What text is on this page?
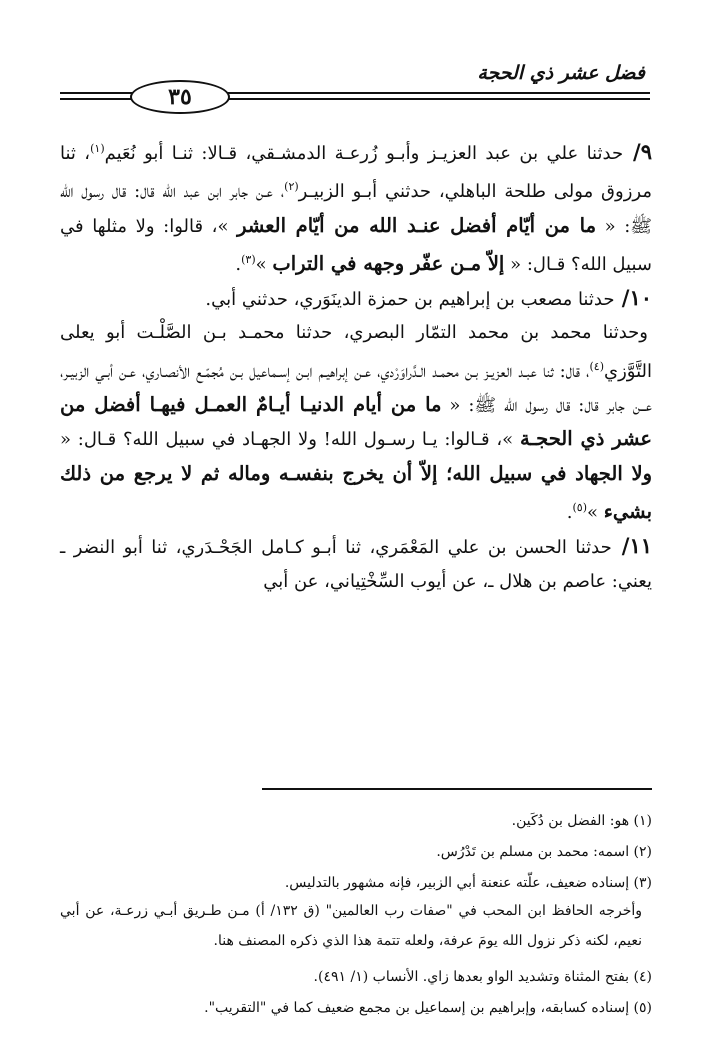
٣٥
فضل عشر ذي الحجة

٩/ حدثنا علي بن عبد العزيـز وأبـو زُرعـة الدمشـقي، قـالا: ثنـا أبو نُعَيم$^{(١)}$، ثنا مرزوق مولى طلحة الباهلي، حدثني أبـو الزبيـر$^{(٢)}$، عـن جابر ابن عبد الله قال: قال رسول الله ﷺ: « ما من أيّام أفضل عنـد الله من أيّام العشر »، قالوا: ولا مثلها في سبيل الله؟ قـال: « إلاّ مـن عفّر وجهه في التراب »$^{(٣)}$.

١٠/ حدثنا مصعب بن إبراهيم بن حمزة الدينَوَري، حدثني أبي.

وحدثنا محمد بن محمد التمّار البصري، حدثنا محمـد بـن الصَّلْـت أبو يعلى التَّوَّزي$^{(٤)}$، قال: ثنا عبـد العزيـز بـن محمـد الـدَّراوَرْدي، عـن إبراهيـم ابـن إسـماعيل بـن مُجمّـع الأنصـاري، عـن أبـي الزبيـر، عــن جابر قال: قال رسول الله ﷺ: « ما من أيام الدنيـا أيـامٌ العمـل فيهـا أفضل من عشر ذي الحجـة »، قـالوا: يـا رسـول الله! ولا الجهـاد في سبيل الله؟ قـال: « ولا الجهاد في سبيل الله؛ إلاّ أن يخرج بنفسـه وماله ثم لا يرجع من ذلك بشيء »$^{(٥)}$.

١١/ حدثنا الحسن بن علي المَعْمَري، ثنا أبـو كـامل الجَحْـدَري، ثنا أبو النضر ـ يعني: عاصم بن هلال ـ، عن أيوب السِّخْتِياني، عن أبي

(١) هو: الفضل بن دُكَين.

(٢) اسمه: محمد بن مسلم بن تَدْرُس.

(٣) إسناده ضعيف، علّته عنعنة أبي الزبير، فإنه مشهور بالتدليس.

وأخرجه الحافظ ابن المحب في "صفات رب العالمين" (ق ١٣٢/ أ) مـن طـريق أبـي زرعـة، عن أبي نعيم، لكنه ذكر نزول الله يومَ عرفة، ولعله تتمة هذا الذي ذكره المصنف هنا.

(٤) بفتح المثناة وتشديد الواو بعدها زاي. الأنساب (١/ ٤٩١).

(٥) إسناده كسابقه، وإبراهيم بن إسماعيل بن مجمع ضعيف كما في "التقريب".
